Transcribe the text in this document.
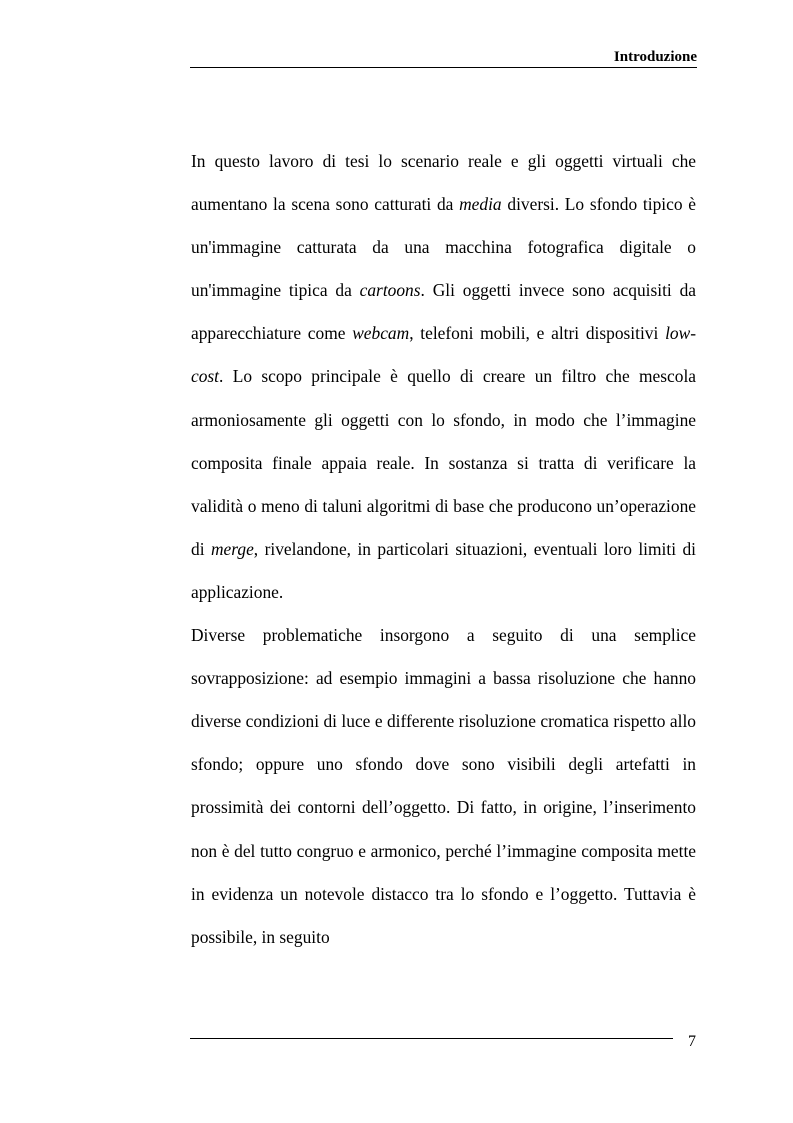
Introduzione

In questo lavoro di tesi lo scenario reale e gli oggetti virtuali che aumentano la scena sono catturati da media diversi. Lo sfondo tipico è un'immagine catturata da una macchina fotografica digitale o un'immagine tipica da cartoons. Gli oggetti invece sono acquisiti da apparecchiature come webcam, telefoni mobili, e altri dispositivi low-cost. Lo scopo principale è quello di creare un filtro che mescola armoniosamente gli oggetti con lo sfondo, in modo che l’immagine composita finale appaia reale. In sostanza si tratta di verificare la validità o meno di taluni algoritmi di base che producono un’operazione di merge, rivelandone, in particolari situazioni, eventuali loro limiti di applicazione.

Diverse problematiche insorgono a seguito di una semplice sovrapposizione: ad esempio immagini a bassa risoluzione che hanno diverse condizioni di luce e differente risoluzione cromatica rispetto allo sfondo; oppure uno sfondo dove sono visibili degli artefatti in prossimità dei contorni dell’oggetto. Di fatto, in origine, l’inserimento non è del tutto congruo e armonico, perché l’immagine composita mette in evidenza un notevole distacco tra lo sfondo e l’oggetto. Tuttavia è possibile, in seguito

7
